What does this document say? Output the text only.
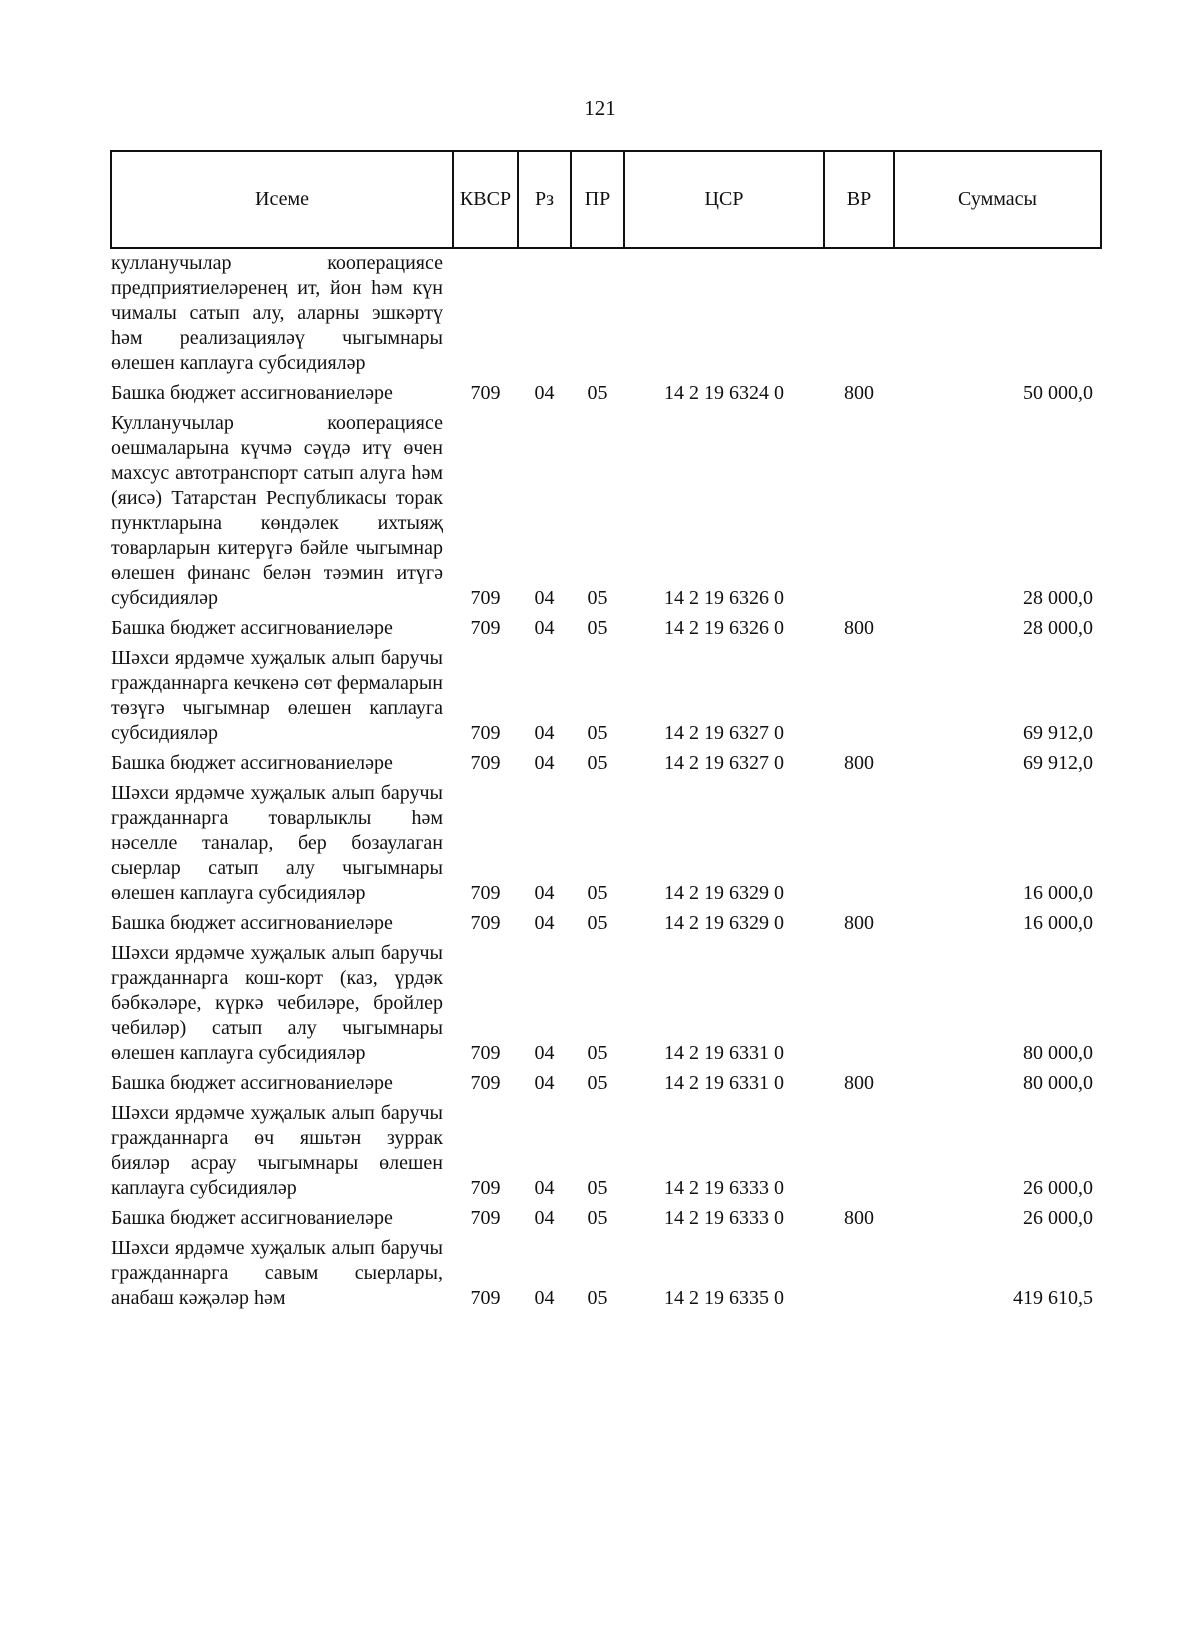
121
Исеме	КВСР	Рз	ПР	ЦСР	ВР	Суммасы

кулланучылар кооперациясе предприятиеләренең ит, йон һәм күн чималы сатып алу, аларны эшкәртү һәм реализацияләү чыгымнары өлешен каплауга субсидияләр						
Башка бюджет ассигнованиеләре	709	04	05	14 2 19 6324 0	800	50 000,0
Кулланучылар кооперациясе оешмаларына күчмә сәүдә итү өчен махсус автотранспорт сатып алуга һәм (яисә) Татарстан Республикасы торак пунктларына көндәлек ихтыяҗ товарларын китерүгә бәйле чыгымнар өлешен финанс белән тәэмин итүгә субсидияләр	709	04	05	14 2 19 6326 0		28 000,0
Башка бюджет ассигнованиеләре	709	04	05	14 2 19 6326 0	800	28 000,0
Шәхси ярдәмче хуҗалык алып баручы гражданнарга кечкенә сөт фермаларын төзүгә чыгымнар өлешен каплауга субсидияләр	709	04	05	14 2 19 6327 0		69 912,0
Башка бюджет ассигнованиеләре	709	04	05	14 2 19 6327 0	800	69 912,0
Шәхси ярдәмче хуҗалык алып баручы гражданнарга товарлыклы һәм нәселле таналар, бер бозаулаган сыерлар сатып алу чыгымнары өлешен каплауга субсидияләр	709	04	05	14 2 19 6329 0		16 000,0
Башка бюджет ассигнованиеләре	709	04	05	14 2 19 6329 0	800	16 000,0
Шәхси ярдәмче хуҗалык алып баручы гражданнарга кош-корт (каз, үрдәк бәбкәләре, күркә чебиләре, бройлер чебиләр) сатып алу чыгымнары өлешен каплауга субсидияләр	709	04	05	14 2 19 6331 0		80 000,0
Башка бюджет ассигнованиеләре	709	04	05	14 2 19 6331 0	800	80 000,0
Шәхси ярдәмче хуҗалык алып баручы гражданнарга өч яшьтән зуррак бияләр асрау чыгымнары өлешен каплауга субсидияләр	709	04	05	14 2 19 6333 0		26 000,0
Башка бюджет ассигнованиеләре	709	04	05	14 2 19 6333 0	800	26 000,0
Шәхси ярдәмче хуҗалык алып баручы гражданнарга савым сыерлары, анабаш кәҗәләр һәм	709	04	05	14 2 19 6335 0		419 610,5
